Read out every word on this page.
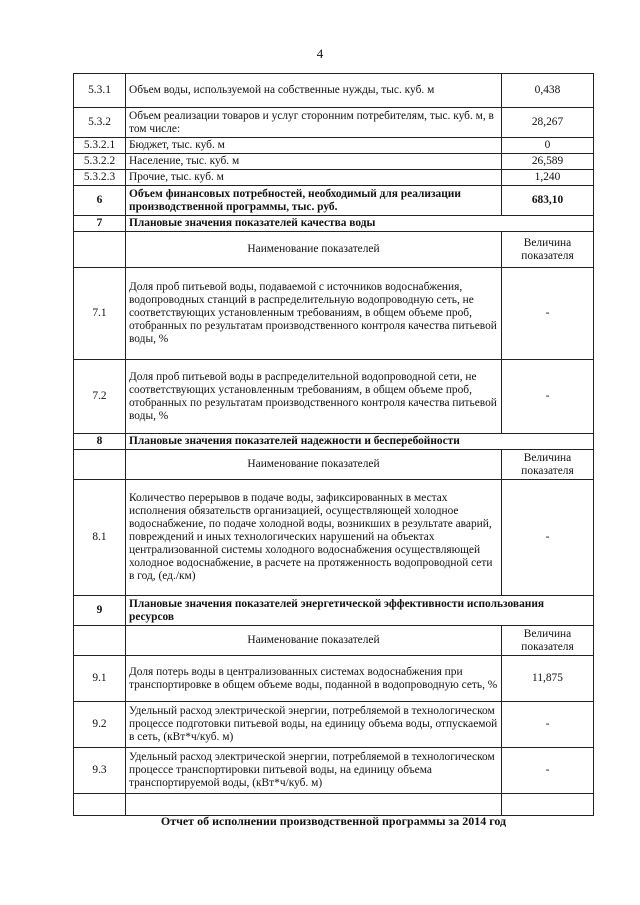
4
5.3.1	Объем воды, используемой на собственные нужды, тыс. куб. м	0,438
5.3.2	Объем реализации товаров и услуг сторонним потребителям, тыс. куб. м, в том числе:	28,267
5.3.2.1	Бюджет, тыс. куб. м	0
5.3.2.2	Население, тыс. куб. м	26,589
5.3.2.3	Прочие, тыс. куб. м	1,240
6	Объем финансовых потребностей, необходимый для реализации производственной программы, тыс. руб.	683,10
7	Плановые значения показателей качества воды	
	Наименование показателей	Величина показателя
7.1	Доля проб питьевой воды, подаваемой с источников водоснабжения, водопроводных станций в распределительную водопроводную сеть, не соответствующих установленным требованиям, в общем объеме проб, отобранных по результатам производственного контроля качества питьевой воды, %	-
7.2	Доля проб питьевой воды в распределительной водопроводной сети, не соответствующих установленным требованиям, в общем объеме проб, отобранных по результатам производственного контроля качества питьевой воды, %	-
8	Плановые значения показателей надежности и бесперебойности	
	Наименование показателей	Величина показателя
8.1	Количество перерывов в подаче воды, зафиксированных в местах исполнения обязательств организацией, осуществляющей холодное водоснабжение, по подаче холодной воды, возникших в результате аварий, повреждений и иных технологических нарушений на объектах централизованной системы холодного водоснабжения осуществляющей холодное водоснабжение, в расчете на протяженность водопроводной сети в год, (ед./км)	-
9	Плановые значения показателей энергетической эффективности использования ресурсов	
	Наименование показателей	Величина показателя
9.1	Доля потерь воды в централизованных системах водоснабжения при транспортировке в общем объеме воды, поданной в водопроводную сеть, %	11,875
9.2	Удельный расход электрической энергии, потребляемой в технологическом процессе подготовки питьевой воды, на единицу объема воды, отпускаемой в сеть, (кВт*ч/куб. м)	-
9.3	Удельный расход электрической энергии, потребляемой в технологическом процессе транспортировки питьевой воды, на единицу объема транспортируемой воды, (кВт*ч/куб. м)	-

Отчет об исполнении производственной программы за 2014 год
